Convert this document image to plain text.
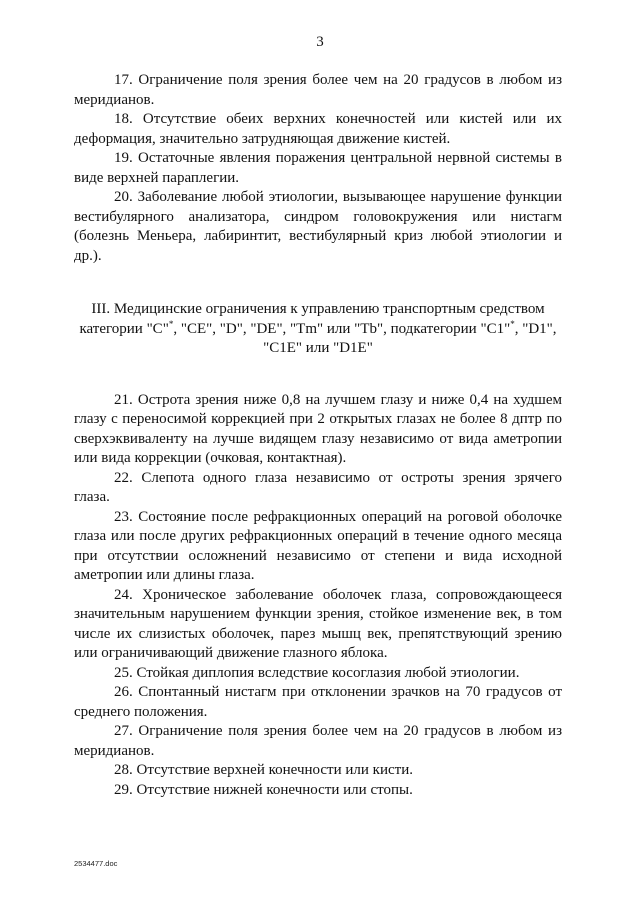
3

17. Ограничение поля зрения более чем на 20 градусов в любом из меридианов.

18. Отсутствие обеих верхних конечностей или кистей или их деформация, значительно затрудняющая движение кистей.

19. Остаточные явления поражения центральной нервной системы в виде верхней параплегии.

20. Заболевание любой этиологии, вызывающее нарушение функции вестибулярного анализатора, синдром головокружения или нистагм (болезнь Меньера, лабиринтит, вестибулярный криз любой этиологии и др.).

III. Медицинские ограничения к управлению транспортным средством
категории "C"*, "CE", "D", "DE", "Tm" или "Tb", подкатегории "C1"*, "D1",
"C1E" или "D1E"

21. Острота зрения ниже 0,8 на лучшем глазу и ниже 0,4 на худшем глазу с переносимой коррекцией при 2 открытых глазах не более 8 дптр по сверхэквиваленту на лучше видящем глазу независимо от вида аметропии или вида коррекции (очковая, контактная).

22. Слепота одного глаза независимо от остроты зрения зрячего глаза.

23. Состояние после рефракционных операций на роговой оболочке глаза или после других рефракционных операций в течение одного месяца при отсутствии осложнений независимо от степени и вида исходной аметропии или длины глаза.

24. Хроническое заболевание оболочек глаза, сопровождающееся значительным нарушением функции зрения, стойкое изменение век, в том числе их слизистых оболочек, парез мышц век, препятствующий зрению или ограничивающий движение глазного яблока.

25. Стойкая диплопия вследствие косоглазия любой этиологии.

26. Спонтанный нистагм при отклонении зрачков на 70 градусов от среднего положения.

27. Ограничение поля зрения более чем на 20 градусов в любом из меридианов.

28. Отсутствие верхней конечности или кисти.

29. Отсутствие нижней конечности или стопы.

2534477.doc
